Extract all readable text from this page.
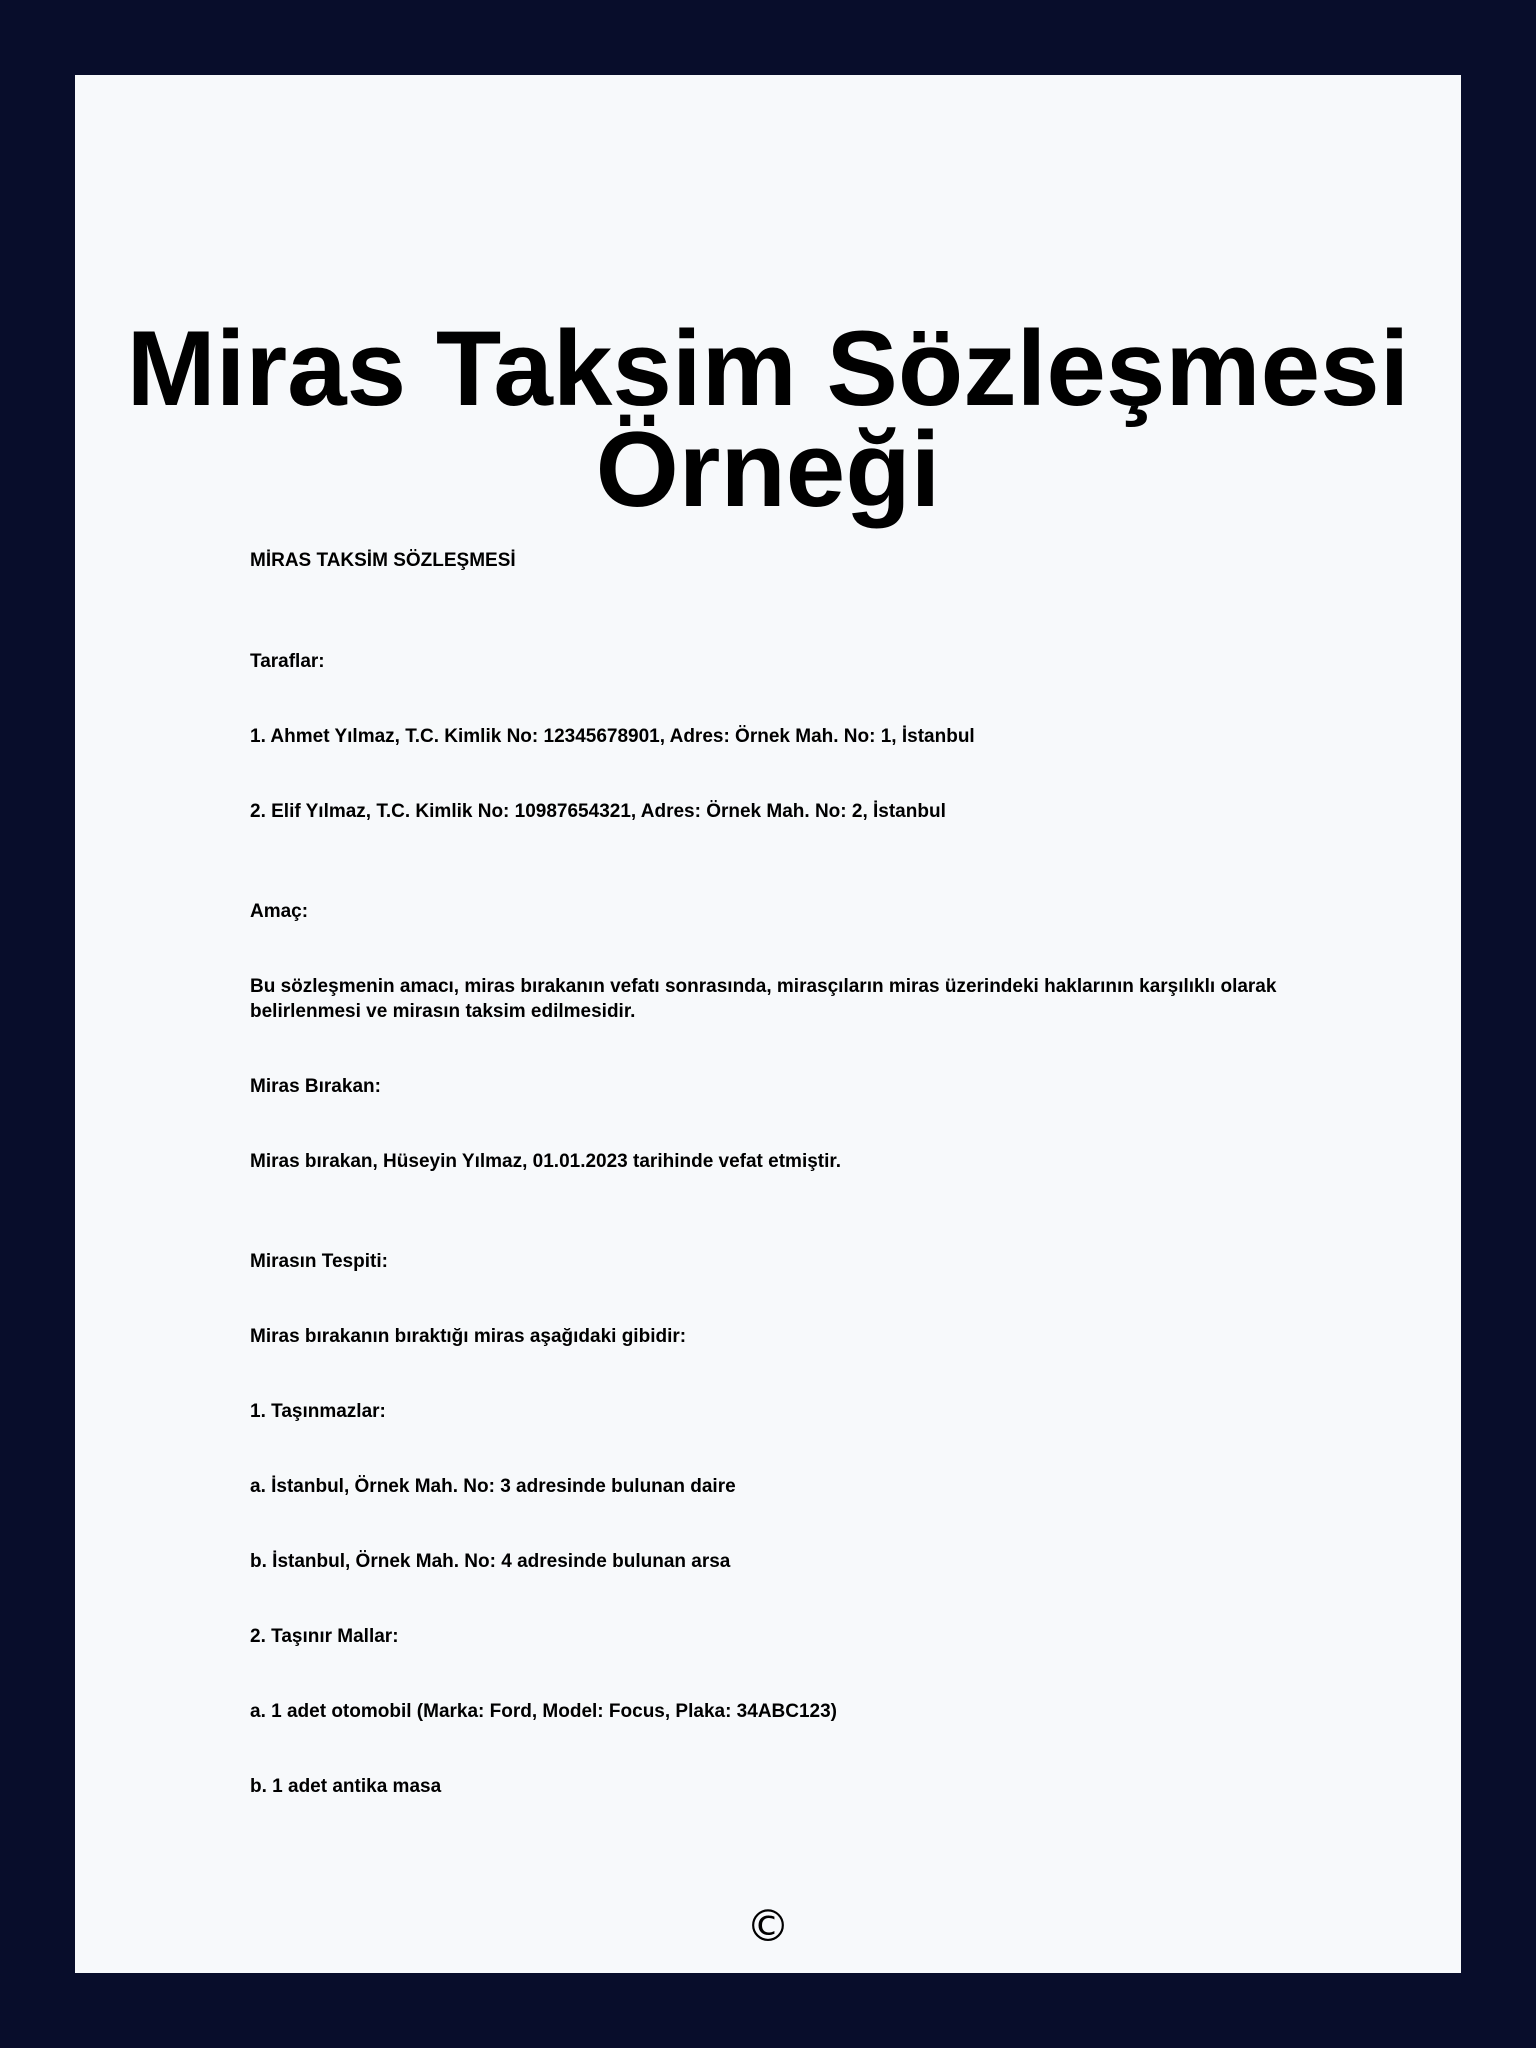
Miras Taksim Sözleşmesi
Örneği

MİRAS TAKSİM SÖZLEŞMESİ

Taraflar:

1. Ahmet Yılmaz, T.C. Kimlik No: 12345678901, Adres: Örnek Mah. No: 1, İstanbul

2. Elif Yılmaz, T.C. Kimlik No: 10987654321, Adres: Örnek Mah. No: 2, İstanbul

Amaç:

Bu sözleşmenin amacı, miras bırakanın vefatı sonrasında, mirasçıların miras üzerindeki haklarının karşılıklı olarak belirlenmesi ve mirasın taksim edilmesidir.

Miras Bırakan:

Miras bırakan, Hüseyin Yılmaz, 01.01.2023 tarihinde vefat etmiştir.

Mirasın Tespiti:

Miras bırakanın bıraktığı miras aşağıdaki gibidir:

1. Taşınmazlar:

a. İstanbul, Örnek Mah. No: 3 adresinde bulunan daire

b. İstanbul, Örnek Mah. No: 4 adresinde bulunan arsa

2. Taşınır Mallar:

a. 1 adet otomobil (Marka: Ford, Model: Focus, Plaka: 34ABC123)

b. 1 adet antika masa

©
